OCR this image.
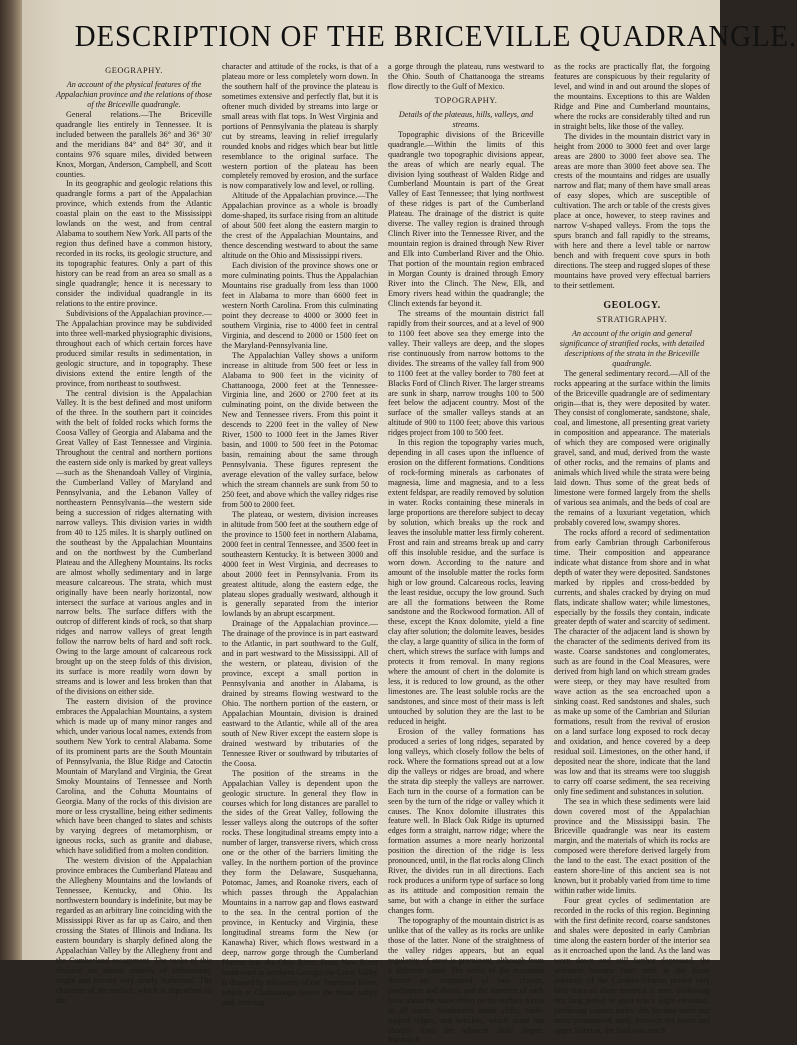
DESCRIPTION OF THE BRICEVILLE QUADRANGLE.
GEOGRAPHY.

An account of the physical features of the Appalachian province and the relations of those of the Briceville quadrangle.

General relations.—The Briceville quadrangle lies entirely in Tennessee. It is included between the parallels 36° and 36° 30' and the meridians 84° and 84° 30', and it contains 976 square miles, divided between Knox, Morgan, Anderson, Campbell, and Scott counties.

In its geographic and geologic relations this quadrangle forms a part of the Appalachian province, which extends from the Atlantic coastal plain on the east to the Mississippi lowlands on the west, and from central Alabama to southern New York. All parts of the region thus defined have a common history, recorded in its rocks, its geologic structure, and its topographic features. Only a part of this history can be read from an area so small as a single quadrangle; hence it is necessary to consider the individual quadrangle in its relations to the entire province.

Subdivisions of the Appalachian province.—The Appalachian province may be subdivided into three well-marked physiographic divisions, throughout each of which certain forces have produced similar results in sedimentation, in geologic structure, and in topography. These divisions extend the entire length of the province, from northeast to southwest.

The central division is the Appalachian Valley. It is the best defined and most uniform of the three. In the southern part it coincides with the belt of folded rocks which forms the Coosa Valley of Georgia and Alabama and the Great Valley of East Tennessee and Virginia. Throughout the central and northern portions the eastern side only is marked by great valleys—such as the Shenandoah Valley of Virginia, the Cumberland Valley of Maryland and Pennsylvania, and the Lebanon Valley of northeastern Pennsylvania—the western side being a succession of ridges alternating with narrow valleys. This division varies in width from 40 to 125 miles. It is sharply outlined on the southeast by the Appalachian Mountains and on the northwest by the Cumberland Plateau and the Allegheny Mountains. Its rocks are almost wholly sedimentary and in large measure calcareous. The strata, which must originally have been nearly horizontal, now intersect the surface at various angles and in narrow belts. The surface differs with the outcrop of different kinds of rock, so that sharp ridges and narrow valleys of great length follow the narrow belts of hard and soft rock. Owing to the large amount of calcareous rock brought up on the steep folds of this division, its surface is more readily worn down by streams and is lower and less broken than that of the divisions on either side.

The eastern division of the province embraces the Appalachian Mountains, a system which is made up of many minor ranges and which, under various local names, extends from southern New York to central Alabama. Some of its prominent parts are the South Mountain of Pennsylvania, the Blue Ridge and Catoctin Mountain of Maryland and Virginia, the Great Smoky Mountains of Tennessee and North Carolina, and the Cohutta Mountains of Georgia. Many of the rocks of this division are more or less crystalline, being either sediments which have been changed to slates and schists by varying degrees of metamorphism, or igneous rocks, such as granite and diabase, which have solidified from a molten condition.

The western division of the Appalachian province embraces the Cumberland Plateau and the Allegheny Mountains and the lowlands of Tennessee, Kentucky, and Ohio. Its northwestern boundary is indefinite, but may be regarded as an arbitrary line coinciding with the Mississippi River as far up as Cairo, and then crossing the States of Illinois and Indiana. Its eastern boundary is sharply defined along the Appalachian Valley by the Allegheny front and the Cumberland escarpment. The rocks of this division are almost entirely of sedimentary origin and remain very nearly horizontal. The character of the surface, which is dependent on the

character and attitude of the rocks, is that of a plateau more or less completely worn down. In the southern half of the province the plateau is sometimes extensive and perfectly flat, but it is oftener much divided by streams into large or small areas with flat tops. In West Virginia and portions of Pennsylvania the plateau is sharply cut by streams, leaving in relief irregularly rounded knobs and ridges which bear but little resemblance to the original surface. The western portion of the plateau has been completely removed by erosion, and the surface is now comparatively low and level, or rolling.

Altitude of the Appalachian province.—The Appalachian province as a whole is broadly dome-shaped, its surface rising from an altitude of about 500 feet along the eastern margin to the crest of the Appalachian Mountains, and thence descending westward to about the same altitude on the Ohio and Mississippi rivers.

Each division of the province shows one or more culminating points. Thus the Appalachian Mountains rise gradually from less than 1000 feet in Alabama to more than 6600 feet in western North Carolina. From this culminating point they decrease to 4000 or 3000 feet in southern Virginia, rise to 4000 feet in central Virginia, and descend to 2000 or 1500 feet on the Maryland-Pennsylvania line.

The Appalachian Valley shows a uniform increase in altitude from 500 feet or less in Alabama to 900 feet in the vicinity of Chattanooga, 2000 feet at the Tennessee-Virginia line, and 2600 or 2700 feet at its culminating point, on the divide between the New and Tennessee rivers. From this point it descends to 2200 feet in the valley of New River, 1500 to 1000 feet in the James River basin, and 1000 to 500 feet in the Potomac basin, remaining about the same through Pennsylvania. These figures represent the average elevation of the valley surface, below which the stream channels are sunk from 50 to 250 feet, and above which the valley ridges rise from 500 to 2000 feet.

The plateau, or western, division increases in altitude from 500 feet at the southern edge of the province to 1500 feet in northern Alabama, 2000 feet in central Tennessee, and 3500 feet in southeastern Kentucky. It is between 3000 and 4000 feet in West Virginia, and decreases to about 2000 feet in Pennsylvania. From its greatest altitude, along the eastern edge, the plateau slopes gradually westward, although it is generally separated from the interior lowlands by an abrupt escarpment.

Drainage of the Appalachian province.—The drainage of the province is in part eastward to the Atlantic, in part southward to the Gulf, and in part westward to the Mississippi. All of the western, or plateau, division of the province, except a small portion in Pennsylvania and another in Alabama, is drained by streams flowing westward to the Ohio. The northern portion of the eastern, or Appalachian Mountain, division is drained eastward to the Atlantic, while all of the area south of New River except the eastern slope is drained westward by tributaries of the Tennessee River or southward by tributaries of the Coosa.

The position of the streams in the Appalachian Valley is dependent upon the geologic structure. In general they flow in courses which for long distances are parallel to the sides of the Great Valley, following the lesser valleys along the outcrops of the softer rocks. These longitudinal streams empty into a number of larger, transverse rivers, which cross one or the other of the barriers limiting the valley. In the northern portion of the province they form the Delaware, Susquehanna, Potomac, James, and Roanoke rivers, each of which passes through the Appalachian Mountains in a narrow gap and flows eastward to the sea. In the central portion of the province, in Kentucky and Virginia, these longitudinal streams form the New (or Kanawha) River, which flows westward in a deep, narrow gorge through the Cumberland Plateau into the Ohio River. From New River southward to northern Georgia the Great Valley is drained by tributaries of the Tennessee River, which at Chattanooga leaves the broad valley and, entering

a gorge through the plateau, runs westward to the Ohio. South of Chattanooga the streams flow directly to the Gulf of Mexico.

TOPOGRAPHY.

Details of the plateaus, hills, valleys, and streams.

Topographic divisions of the Briceville quadrangle.—Within the limits of this quadrangle two topographic divisions appear, the areas of which are nearly equal. The division lying southeast of Walden Ridge and Cumberland Mountain is part of the Great Valley of East Tennessee; that lying northwest of these ridges is part of the Cumberland Plateau. The drainage of the district is quite diverse. The valley region is drained through Clinch River into the Tennessee River, and the mountain region is drained through New River and Elk into Cumberland River and the Ohio. That portion of the mountain region embraced in Morgan County is drained through Emory River into the Clinch. The New, Elk, and Emory rivers head within the quadrangle; the Clinch extends far beyond it.

The streams of the mountain district fall rapidly from their sources, and at a level of 900 to 1100 feet above sea they emerge into the valley. Their valleys are deep, and the slopes rise continuously from narrow bottoms to the divides. The streams of the valley fall from 900 to 1100 feet at the valley border to 780 feet at Blacks Ford of Clinch River. The larger streams are sunk in sharp, narrow troughs 100 to 500 feet below the adjacent country. Most of the surface of the smaller valleys stands at an altitude of 900 to 1100 feet; above this various ridges project from 100 to 500 feet.

In this region the topography varies much, depending in all cases upon the influence of erosion on the different formations. Conditions of rock-forming minerals as carbonates of magnesia, lime and magnesia, and to a less extent feldspar, are readily removed by solution in water. Rocks containing these minerals in large proportions are therefore subject to decay by solution, which breaks up the rock and leaves the insoluble matter less firmly coherent. Frost and rain and streams break up and carry off this insoluble residue, and the surface is worn down. According to the nature and amount of the insoluble matter the rocks form high or low ground. Calcareous rocks, leaving the least residue, occupy the low ground. Such are all the formations between the Rome sandstone and the Rockwood formation. All of these, except the Knox dolomite, yield a fine clay after solution; the dolomite leaves, besides the clay, a large quantity of silica in the form of chert, which strews the surface with lumps and protects it from removal. In many regions where the amount of chert in the dolomite is less, it is reduced to low ground, as the other limestones are. The least soluble rocks are the sandstones, and since most of their mass is left untouched by solution they are the last to be reduced in height.

Erosion of the valley formations has produced a series of long ridges, separated by long valleys, which closely follow the belts of rock. Where the formations spread out at a low dip the valleys or ridges are broad, and where the strata dip steeply the valleys are narrower. Each turn in the course of a formation can be seen by the turn of the ridge or valley which it causes. The Knox dolomite illustrates this feature well. In Black Oak Ridge its upturned edges form a straight, narrow ridge; where the formation assumes a more nearly horizontal position the direction of the ridge is less pronounced, until, in the flat rocks along Clinch River, the divides run in all directions. Each rock produces a uniform type of surface so long as its attitude and composition remain the same, but with a change in either the surface changes form.

The topography of the mountain district is as unlike that of the valley as its rocks are unlike those of the latter. None of the straightness of the valley ridges appears, but an equal regularity of crest is prominent, although from a different cause. The rocks of the mountain district are composed of two classes, sandstones and shales, and the varieties of each have about the same effect on the surface forms in all cases. Sandstones make cliffs, table-topped ridges, and benches, which stand out sharply from the adjacent shale slopes. Inasmuch

as the rocks are practically flat, the forgoing features are conspicuous by their regularity of level, and wind in and out around the slopes of the mountains. Exceptions to this are Walden Ridge and Pine and Cumberland mountains, where the rocks are considerably tilted and run in straight belts, like those of the valley.

The divides in the mountain district vary in height from 2000 to 3000 feet and over large areas are 2800 to 3000 feet above sea. The areas are more than 3000 feet above sea. The crests of the mountains and ridges are usually narrow and flat; many of them have small areas of easy slopes, which are susceptible of cultivation. The arch or table of the crests gives place at once, however, to steep ravines and narrow V-shaped valleys. From the tops the spurs branch and fall rapidly to the streams, with here and there a level table or narrow bench and with frequent cove spurs in both directions. The steep and rugged slopes of these mountains have proved very effectual barriers to their settlement.

GEOLOGY.
STRATIGRAPHY.

An account of the origin and general significance of stratified rocks, with detailed descriptions of the strata in the Briceville quadrangle.

The general sedimentary record.—All of the rocks appearing at the surface within the limits of the Briceville quadrangle are of sedimentary origin—that is, they were deposited by water. They consist of conglomerate, sandstone, shale, coal, and limestone, all presenting great variety in composition and appearance. The materials of which they are composed were originally gravel, sand, and mud, derived from the waste of other rocks, and the remains of plants and animals which lived while the strata were being laid down. Thus some of the great beds of limestone were formed largely from the shells of various sea animals, and the beds of coal are the remains of a luxuriant vegetation, which probably covered low, swampy shores.

The rocks afford a record of sedimentation from early Cambrian through Carboniferous time. Their composition and appearance indicate what distance from shore and in what depth of water they were deposited. Sandstones marked by ripples and cross-bedded by currents, and shales cracked by drying on mud flats, indicate shallow water; while limestones, especially by the fossils they contain, indicate greater depth of water and scarcity of sediment. The character of the adjacent land is shown by the character of the sediments derived from its waste. Coarse sandstones and conglomerates, such as are found in the Coal Measures, were derived from high land on which stream grades were steep, or they may have resulted from wave action as the sea encroached upon a sinking coast. Red sandstones and shales, such as make up some of the Cambrian and Silurian formations, result from the revival of erosion on a land surface long exposed to rock decay and oxidation, and hence covered by a deep residual soil. Limestones, on the other hand, if deposited near the shore, indicate that the land was low and that its streams were too sluggish to carry off coarse sediment, the sea receiving only fine sediment and substances in solution.

The sea in which these sediments were laid down covered most of the Appalachian province and the Mississippi basin. The Briceville quadrangle was near its eastern margin, and the materials of which its rocks are composed were therefore derived largely from the land to the east. The exact position of the eastern shore-line of this ancient sea is not known, but it probably varied from time to time within rather wide limits.

Four great cycles of sedimentation are recorded in the rocks of this region. Beginning with the first definite record, coarse sandstones and shales were deposited in early Cambrian time along the eastern border of the interior sea as it encroached upon the land. As the land was worn down and still further depressed, the sediment became finer until in the Knox dolomite of the Cambro-Silurian period very little trace of shore material is seen. Following this long period of quiet was a slight elevation, producing coarser rocks; this became more and more pronounced, until, between the lower and upper Silurian, the land was much
